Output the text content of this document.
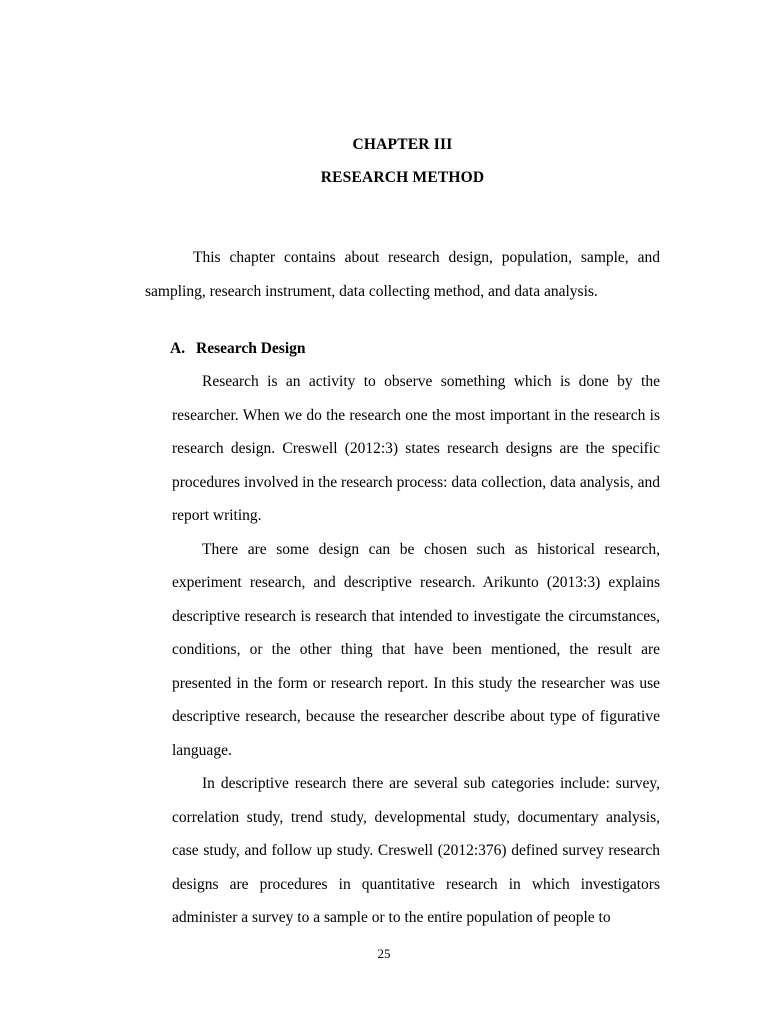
CHAPTER III
RESEARCH METHOD

This chapter contains about research design, population, sample, and sampling, research instrument, data collecting method, and data analysis.

A. Research Design

Research is an activity to observe something which is done by the researcher. When we do the research one the most important in the research is research design. Creswell (2012:3) states research designs are the specific procedures involved in the research process: data collection, data analysis, and report writing.

There are some design can be chosen such as historical research, experiment research, and descriptive research. Arikunto (2013:3) explains descriptive research is research that intended to investigate the circumstances, conditions, or the other thing that have been mentioned, the result are presented in the form or research report. In this study the researcher was use descriptive research, because the researcher describe about type of figurative language.

In descriptive research there are several sub categories include: survey, correlation study, trend study, developmental study, documentary analysis, case study, and follow up study. Creswell (2012:376) defined survey research designs are procedures in quantitative research in which investigators administer a survey to a sample or to the entire population of people to

25
